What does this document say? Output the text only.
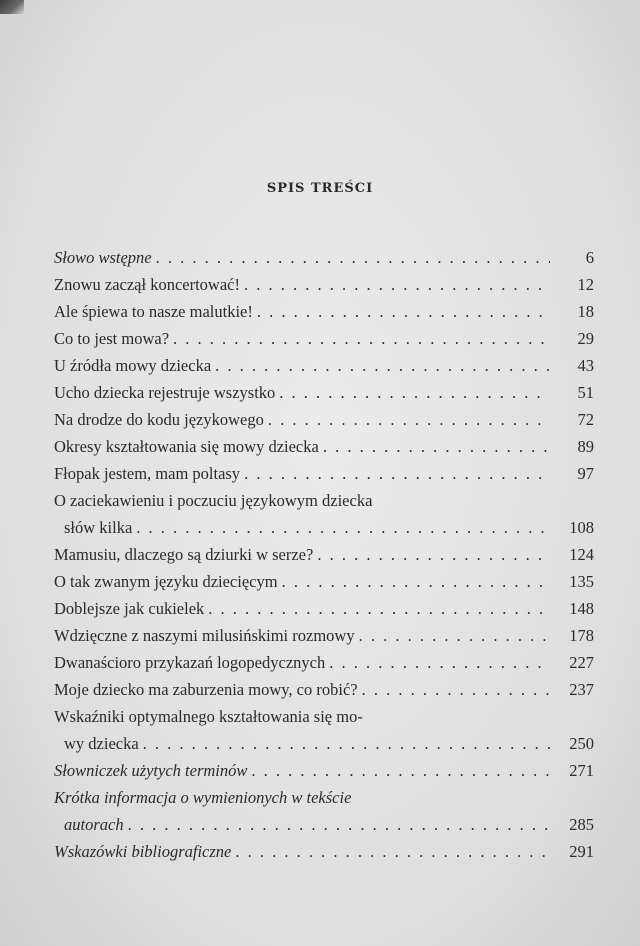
SPIS TREŚCI
Słowo wstępne . . .	6
Znowu zaczął koncertować! . . .	12
Ale śpiewa to nasze malutkie! . . .	18
Co to jest mowa? . . .	29
U źródła mowy dziecka . . .	43
Ucho dziecka rejestruje wszystko . . .	51
Na drodze do kodu językowego . . .	72
Okresy kształtowania się mowy dziecka . . .	89
Fłopak jestem, mam poltasy . . .	97
O zaciekawieniu i poczuciu językowym dziecka
słów kilka . . .	108
Mamusiu, dlaczego są dziurki w serze? . . .	124
O tak zwanym języku dziecięcym . . .	135
Doblejsze jak cukielek . . .	148
Wdzięczne z naszymi milusińskimi rozmowy . . .	178
Dwanaścioro przykazań logopedycznych . . .	227
Moje dziecko ma zaburzenia mowy, co robić? . . .	237
Wskaźniki optymalnego kształtowania się mo-
wy dziecka . . .	250
Słowniczek użytych terminów . . .	271
Krótka informacja o wymienionych w tekście
autorach . . .	285
Wskazówki bibliograficzne . . .	291
